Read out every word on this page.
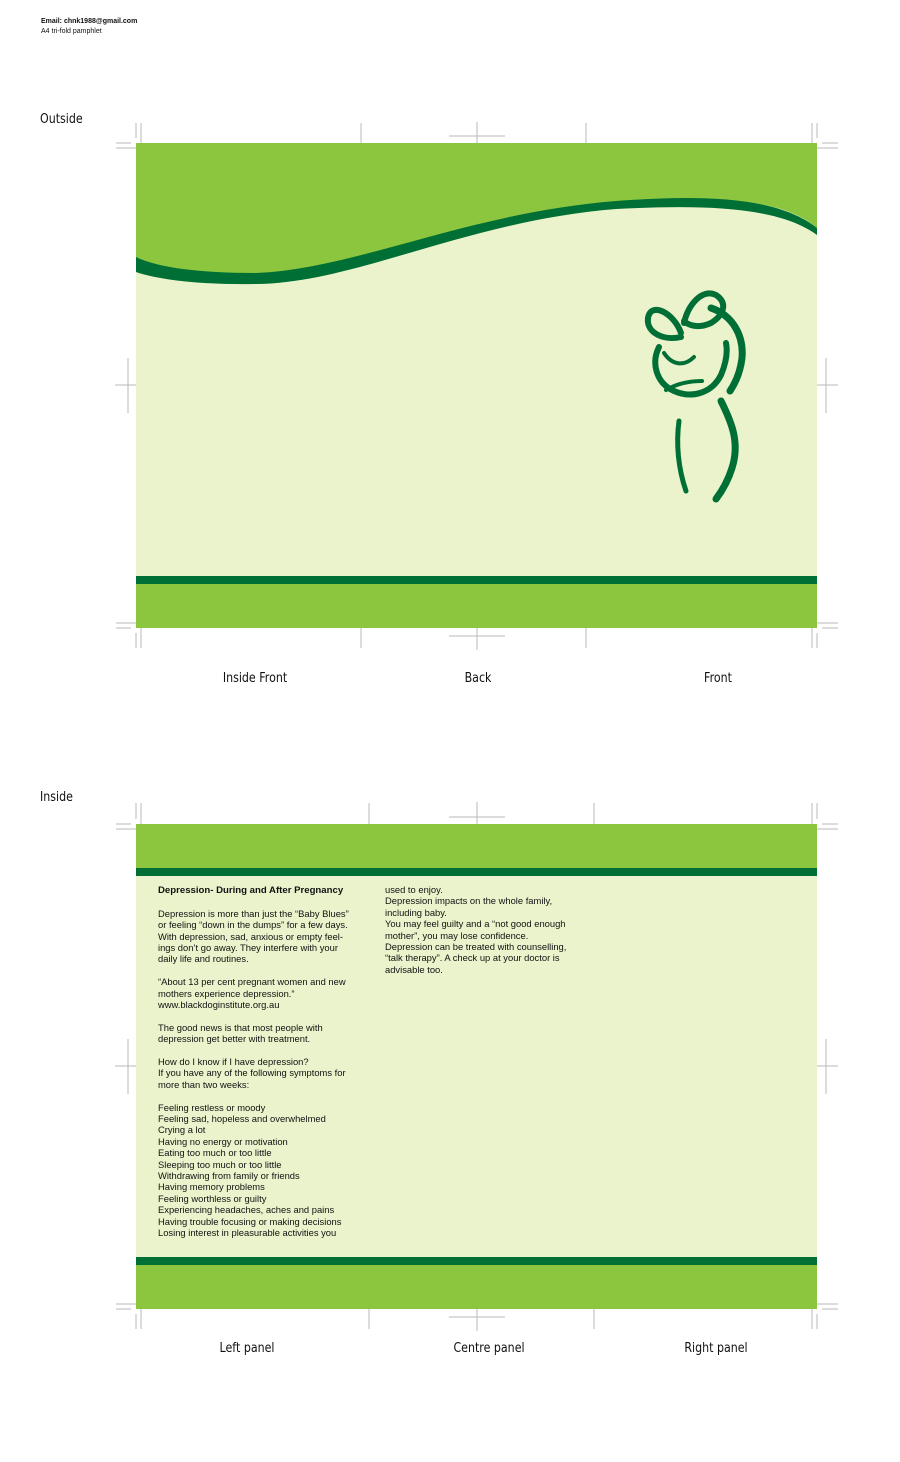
Email: chnk1988@gmail.com
A4 tri-fold pamphlet
Outside
Inside Front	Back	Front
Inside

Depression- During and After Pregnancy

Depression is more than just the “Baby Blues”

or feeling “down in the dumps” for a few days.

With depression, sad, anxious or empty feel-

ings don’t go away. They interfere with your

daily life and routines.

“About 13 per cent pregnant women and new

mothers experience depression.”

www.blackdoginstitute.org.au

The good news is that most people with

depression get better with treatment.

How do I know if I have depression?

If you have any of the following symptoms for

more than two weeks:

Feeling restless or moody

Feeling sad, hopeless and overwhelmed

Crying a lot

Having no energy or motivation

Eating too much or too little

Sleeping too much or too little

Withdrawing from family or friends

Having memory problems

Feeling worthless or guilty

Experiencing headaches, aches and pains

Having trouble focusing or making decisions

Losing interest in pleasurable activities you

used to enjoy.

Depression impacts on the whole family,

including baby.

You may feel guilty and a “not good enough

mother”, you may lose confidence.

Depression can be treated with counselling,

“talk therapy”. A check up at your doctor is

advisable too.

Left panel	Centre panel	Right panel
